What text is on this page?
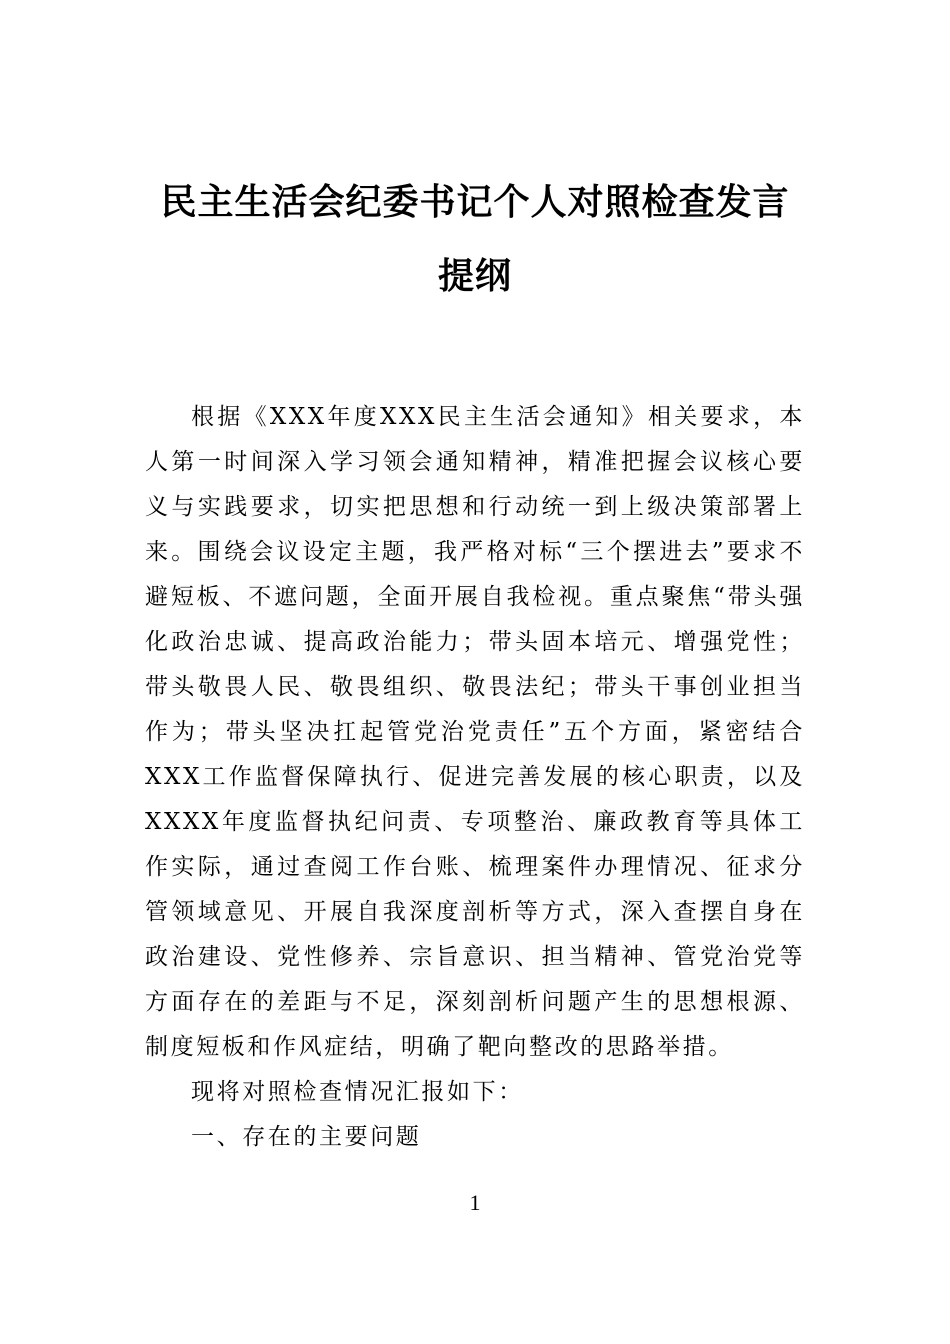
民主生活会纪委书记个人对照检查发言提纲

根据《XXX年度XXX民主生活会通知》相关要求，本人第一时间深入学习领会通知精神，精准把握会议核心要义与实践要求，切实把思想和行动统一到上级决策部署上来。围绕会议设定主题，我严格对标“三个摆进去”要求不避短板、不遮问题，全面开展自我检视。重点聚焦“带头强化政治忠诚、提高政治能力；带头固本培元、增强党性；带头敬畏人民、敬畏组织、敬畏法纪；带头干事创业担当作为；带头坚决扛起管党治党责任”五个方面，紧密结合XXX工作监督保障执行、促进完善发展的核心职责，以及XXXX年度监督执纪问责、专项整治、廉政教育等具体工作实际，通过查阅工作台账、梳理案件办理情况、征求分管领域意见、开展自我深度剖析等方式，深入查摆自身在政治建设、党性修养、宗旨意识、担当精神、管党治党等方面存在的差距与不足，深刻剖析问题产生的思想根源、制度短板和作风症结，明确了靶向整改的思路举措。

现将对照检查情况汇报如下：

一、存在的主要问题
1
